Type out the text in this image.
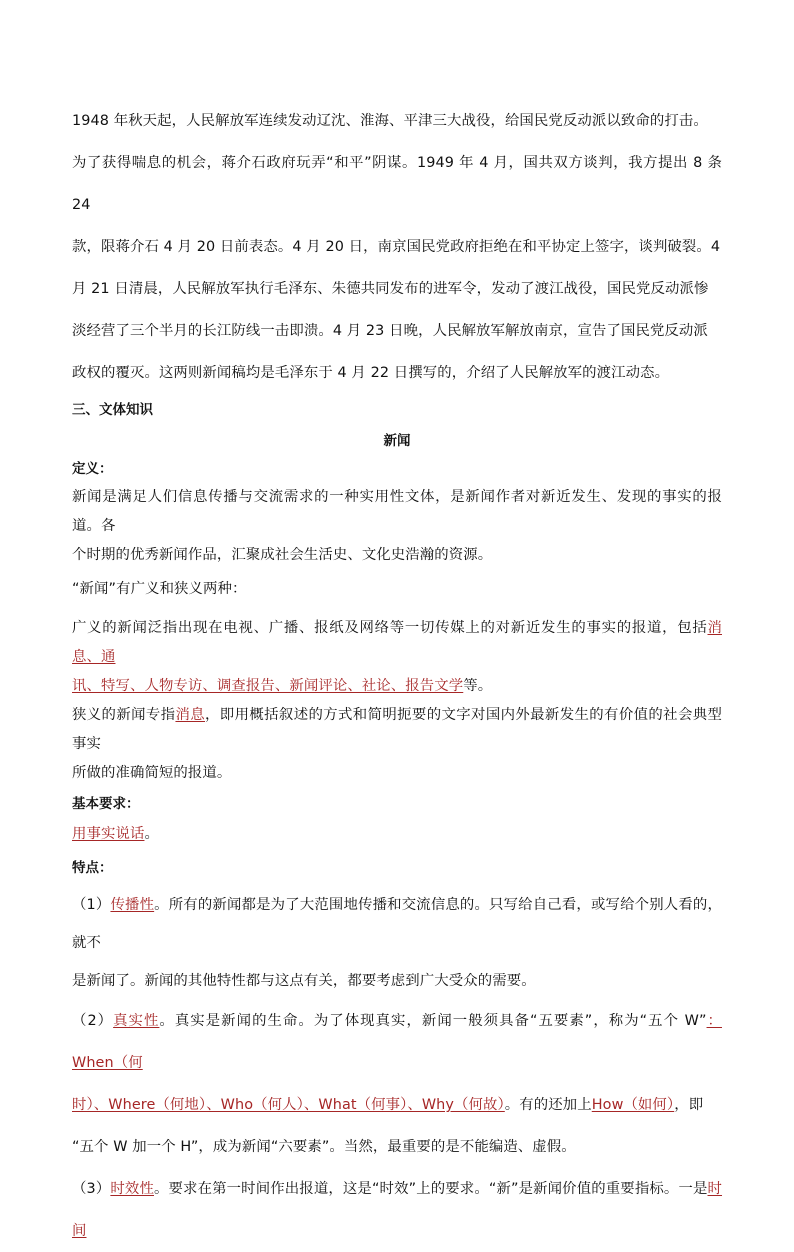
1948 年秋天起，人民解放军连续发动辽沈、淮海、平津三大战役，给国民党反动派以致命的打击。
为了获得喘息的机会，蒋介石政府玩弄“和平”阴谋。1949 年 4 月，国共双方谈判，我方提出 8 条 24
款，限蒋介石 4 月 20 日前表态。4 月 20 日，南京国民党政府拒绝在和平协定上签字，谈判破裂。4
月 21 日清晨，人民解放军执行毛泽东、朱德共同发布的进军令，发动了渡江战役，国民党反动派惨
淡经营了三个半月的长江防线一击即溃。4 月 23 日晚，人民解放军解放南京，宣告了国民党反动派
政权的覆灭。这两则新闻稿均是毛泽东于 4 月 22 日撰写的，介绍了人民解放军的渡江动态。

三、文体知识

新闻

定义：

新闻是满足人们信息传播与交流需求的一种实用性文体，是新闻作者对新近发生、发现的事实的报道。各
个时期的优秀新闻作品，汇聚成社会生活史、文化史浩瀚的资源。

“新闻”有广义和狭义两种：

广义的新闻泛指出现在电视、广播、报纸及网络等一切传媒上的对新近发生的事实的报道，包括消息、通
讯、特写、人物专访、调查报告、新闻评论、社论、报告文学等。

狭义的新闻专指消息，即用概括叙述的方式和简明扼要的文字对国内外最新发生的有价值的社会典型事实
所做的准确简短的报道。

基本要求：

用事实说话。

特点：

（1）传播性。所有的新闻都是为了大范围地传播和交流信息的。只写给自己看，或写给个别人看的，就不
是新闻了。新闻的其他特性都与这点有关，都要考虑到广大受众的需要。

（2）真实性。真实是新闻的生命。为了体现真实，新闻一般须具备“五要素”，称为“五个 W”：When（何
时）、Where（何地）、Who（何人）、What（何事）、Why（何故）。有的还加上How（如何），即
“五个 W 加一个 H”，成为新闻“六要素”。当然，最重要的是不能编造、虚假。

（3）时效性。要求在第一时间作出报道，这是“时效”上的要求。“新”是新闻价值的重要指标。一是时间
